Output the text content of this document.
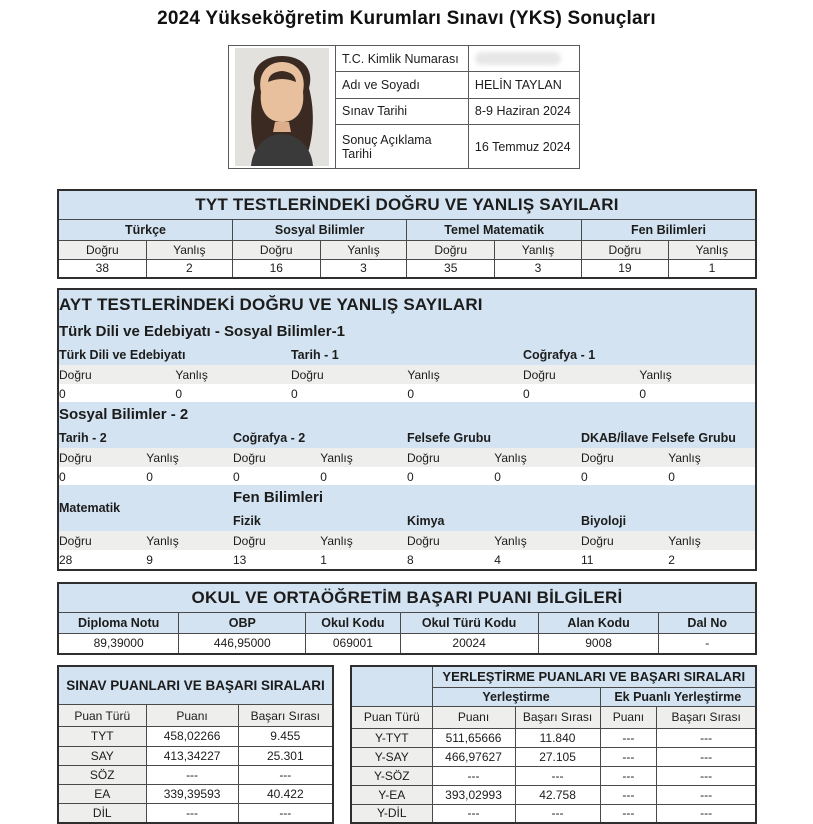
2024 Yükseköğretim Kurumları Sınavı (YKS) Sonuçları
	T.C. Kimlik Numarası	

	Adı ve Soyadı	HELİN TAYLAN
	Sınav Tarihi	8-9 Haziran 2024
	Sonuç Açıklama Tarihi	16 Temmuz 2024
TYT TESTLERİNDEKİ DOĞRU VE YANLIŞ SAYILARI							
Türkçe		Sosyal Bilimler		Temel Matematik		Fen Bilimleri	
Doğru	Yanlış	Doğru	Yanlış	Doğru	Yanlış	Doğru	Yanlış
38	2	16	3	35	3	19	1
AYT TESTLERİNDEKİ DOĞRU VE YANLIŞ SAYILARI					
Türk Dili ve Edebiyatı - Sosyal Bilimler-1					
Türk Dili ve Edebiyatı		Tarih - 1		Coğrafya - 1	
Doğru	Yanlış	Doğru	Yanlış	Doğru	Yanlış
0	0	0	0	0	0
Sosyal Bilimler - 2							
Tarih - 2		Coğrafya - 2		Felsefe Grubu		DKAB/İlave Felsefe Grubu	
Doğru	Yanlış	Doğru	Yanlış	Doğru	Yanlış	Doğru	Yanlış
0	0	0	0	0	0	0	0
Matematik		Fen Bilimleri					
		Fizik		Kimya		Biyoloji	
Doğru	Yanlış	Doğru	Yanlış	Doğru	Yanlış	Doğru	Yanlış
28	9	13	1	8	4	11	2
OKUL VE ORTAÖĞRETİM BAŞARI PUANI BİLGİLERİ					
Diploma Notu	OBP	Okul Kodu	Okul Türü Kodu	Alan Kodu	Dal No
89,39000	446,95000	069001	20024	9008	-
SINAV PUANLARI VE BAŞARI SIRALARI		
Puan Türü	Puanı	Başarı Sırası
TYT	458,02266	9.455
SAY	413,34227	25.301
SÖZ	---	---
EA	339,39593	40.422
DİL	---	---
	YERLEŞTİRME PUANLARI VE BAŞARI SIRALARI			
	Yerleştirme		Ek Puanlı Yerleştirme	
Puan Türü	Puanı	Başarı Sırası	Puanı	Başarı Sırası
Y-TYT	511,65666	11.840	---	---
Y-SAY	466,97627	27.105	---	---
Y-SÖZ	---	---	---	---
Y-EA	393,02993	42.758	---	---
Y-DİL	---	---	---	---
